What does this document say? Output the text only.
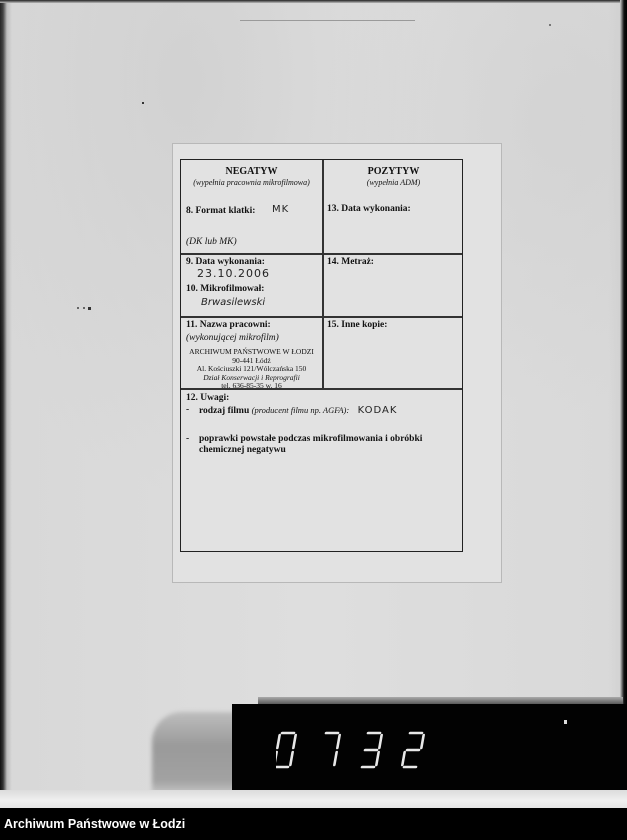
NEGATYW
(wypełnia pracownia mikrofilmowa)
8. Format klatki: MK
(DK lub MK)
POZYTYW
(wypełnia ADM)
13. Data wykonania:
9. Data wykonania:
23.10.2006
10. Mikrofilmował:
Brwasilewski
14. Metraż:
11. Nazwa pracowni:
(wykonującej mikrofilm)
ARCHIWUM PAŃSTWOWE W ŁODZI
90-441 Łódź
Al. Kościuszki 121/Wólczańska 150
Dział Konserwacji i Reprografii
tel. 636-85-35 w. 16
15. Inne kopie:
12. Uwagi:
- rodzaj filmu (producent filmu np. AGFA): KODAK
- poprawki powstałe podczas mikrofilmowania i obróbki
chemicznej negatywu
Archiwum Państwowe w Łodzi
